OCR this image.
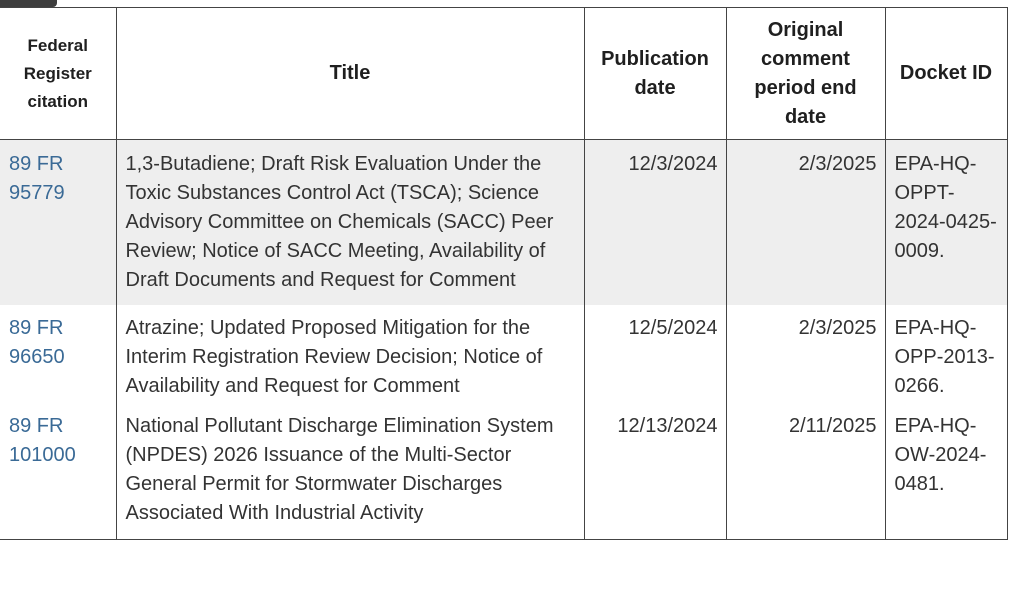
Federal Register citation	Title	Publication date	Original comment period end date	Docket ID
89 FR 95779	1,3-Butadiene; Draft Risk Evaluation Under the Toxic Substances Control Act (TSCA); Science Advisory Committee on Chemicals (SACC) Peer Review; Notice of SACC Meeting, Availability of Draft Documents and Request for Comment	12/3/2024	2/3/2025	EPA-HQ-OPPT-2024-0425-0009.
89 FR 96650	Atrazine; Updated Proposed Mitigation for the Interim Registration Review Decision; Notice of Availability and Request for Comment	12/5/2024	2/3/2025	EPA-HQ-OPP-2013-0266.
89 FR 101000	National Pollutant Discharge Elimination System (NPDES) 2026 Issuance of the Multi-Sector General Permit for Stormwater Discharges Associated With Industrial Activity	12/13/2024	2/11/2025	EPA-HQ-OW-2024-0481.
